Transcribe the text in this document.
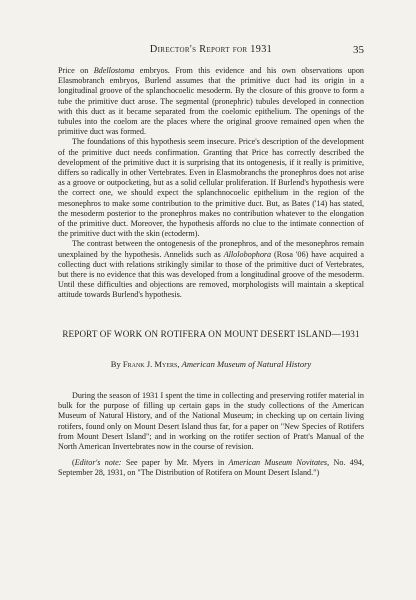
Director's Report for 1931	35

Price on Bdellostoma embryos. From this evidence and his own observations upon Elasmobranch embryos, Burlend assumes that the primitive duct had its origin in a longitudinal groove of the splanchocoelic mesoderm. By the closure of this groove to form a tube the primitive duct arose. The segmental (pronephric) tubules developed in connection with this duct as it became separated from the coelomic epithelium. The openings of the tubules into the coelom are the places where the original groove remained open when the primitive duct was formed.

The foundations of this hypothesis seem insecure. Price's description of the development of the primitive duct needs confirmation. Granting that Price has correctly described the development of the primitive duct it is surprising that its ontogenesis, if it really is primitive, differs so radically in other Vertebrates. Even in Elasmobranchs the pronephros does not arise as a groove or outpocketing, but as a solid cellular proliferation. If Burlend's hypothesis were the correct one, we should expect the splanchnocoelic epithelium in the region of the mesonephros to make some contribution to the primitive duct. But, as Bates ('14) has stated, the mesoderm posterior to the pronephros makes no contribution whatever to the elongation of the primitive duct. Moreover, the hypothesis affords no clue to the intimate connection of the primitive duct with the skin (ectoderm).

The contrast between the ontogenesis of the pronephros, and of the mesonephros remain unexplained by the hypothesis. Annelids such as Allolobophora (Rosa '06) have acquired a collecting duct with relations strikingly similar to those of the primitive duct of Vertebrates, but there is no evidence that this was developed from a longitudinal groove of the mesoderm. Until these difficulties and objections are removed, morphologists will maintain a skeptical attitude towards Burlend's hypothesis.

REPORT OF WORK ON ROTIFERA ON MOUNT DESERT ISLAND—1931
By Frank J. Myers, American Museum of Natural History

During the season of 1931 I spent the time in collecting and preserving rotifer material in bulk for the purpose of filling up certain gaps in the study collections of the American Museum of Natural History, and of the National Museum; in checking up on certain living rotifers, found only on Mount Desert Island thus far, for a paper on "New Species of Rotifers from Mount Desert Island"; and in working on the rotifer section of Pratt's Manual of the North American Invertebrates now in the course of revision.

(Editor's note: See paper by Mr. Myers in American Museum Novitates, No. 494, September 28, 1931, on "The Distribution of Rotifera on Mount Desert Island.")
